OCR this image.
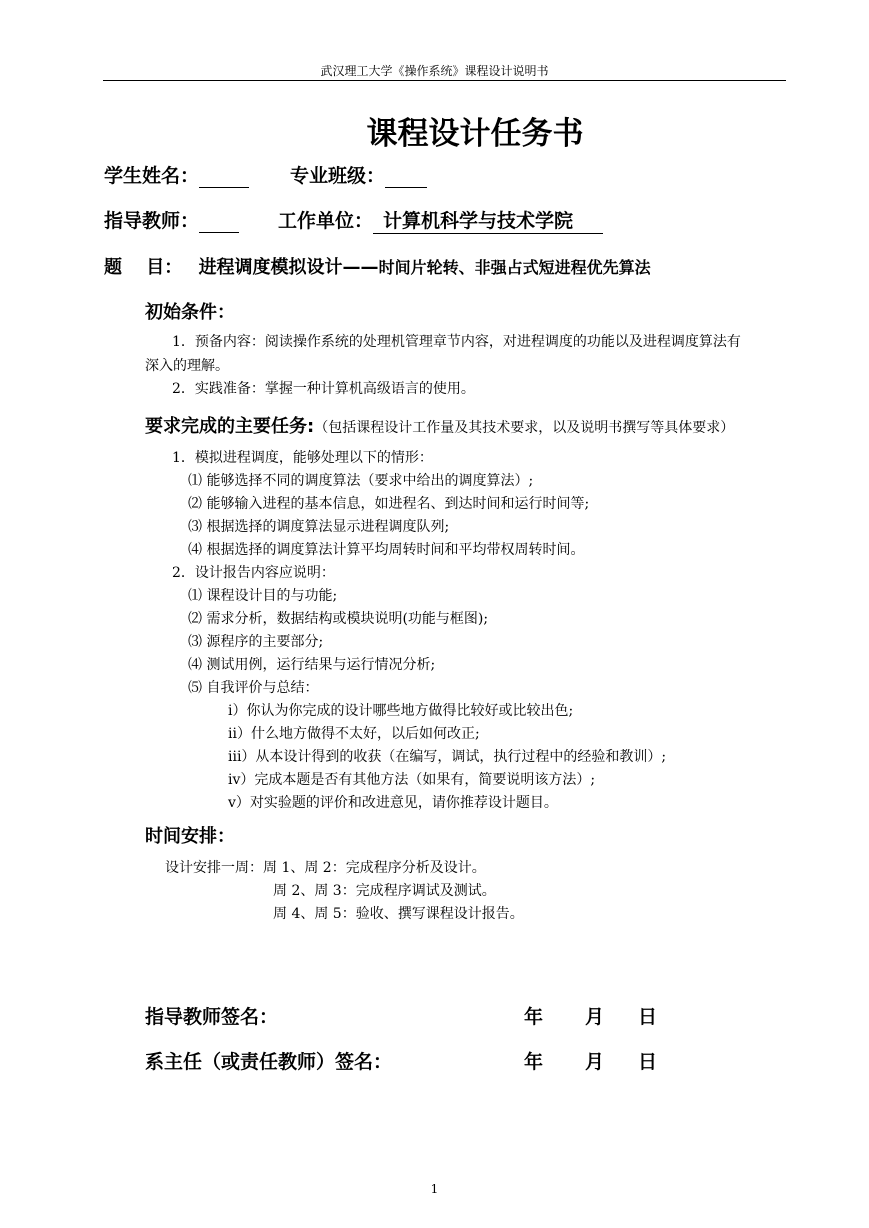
武汉理工大学《操作系统》课程设计说明书
课程设计任务书
学生姓名：	专业班级：
指导教师：	工作单位： 计算机科学与技术学院
题　 目： 进程调度模拟设计——时间片轮转、非强占式短进程优先算法
初始条件：
1．预备内容：阅读操作系统的处理机管理章节内容，对进程调度的功能以及进程调度算法有
深入的理解。
2．实践准备：掌握一种计算机高级语言的使用。
要求完成的主要任务:（包括课程设计工作量及其技术要求，以及说明书撰写等具体要求）
1．模拟进程调度，能够处理以下的情形：
⑴ 能够选择不同的调度算法（要求中给出的调度算法）;
⑵ 能够输入进程的基本信息，如进程名、到达时间和运行时间等;
⑶ 根据选择的调度算法显示进程调度队列;
⑷ 根据选择的调度算法计算平均周转时间和平均带权周转时间。
2．设计报告内容应说明：
⑴ 课程设计目的与功能;
⑵ 需求分析，数据结构或模块说明(功能与框图);
⑶ 源程序的主要部分;
⑷ 测试用例，运行结果与运行情况分析;
⑸ 自我评价与总结：
i）你认为你完成的设计哪些地方做得比较好或比较出色;
ii）什么地方做得不太好，以后如何改正;
iii）从本设计得到的收获（在编写，调试，执行过程中的经验和教训）;
iv）完成本题是否有其他方法（如果有，简要说明该方法）;
v）对实验题的评价和改进意见，请你推荐设计题目。
时间安排：
设计安排一周：周 1、周 2：完成程序分析及设计。
周 2、周 3：完成程序调试及测试。
周 4、周 5：验收、撰写课程设计报告。
指导教师签名：	年 月 日
系主任（或责任教师）签名：	年 月 日
1
